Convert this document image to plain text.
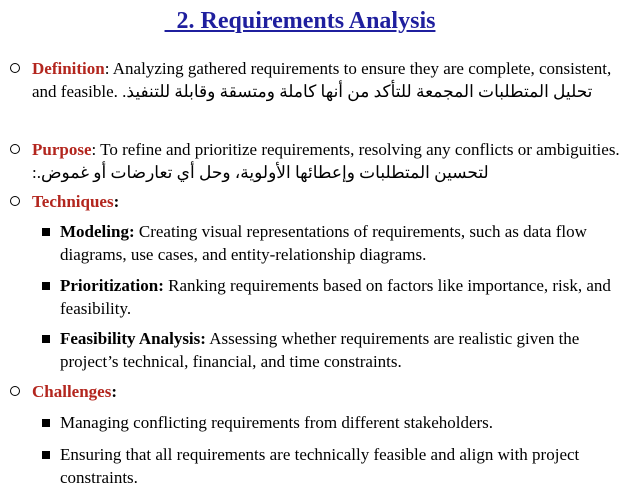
2. Requirements Analysis
Definition: Analyzing gathered requirements to ensure they are complete, consistent, and feasible. تحليل المتطلبات المجمعة للتأكد من أنها كاملة ومتسقة وقابلة للتنفيذ.
Purpose: To refine and prioritize requirements, resolving any conflicts or ambiguities. :لتحسين المتطلبات وإعطائها الأولوية، وحل أي تعارضات أو غموض.
Techniques:
Modeling: Creating visual representations of requirements, such as data flow diagrams, use cases, and entity-relationship diagrams.
Prioritization: Ranking requirements based on factors like importance, risk, and feasibility.
Feasibility Analysis: Assessing whether requirements are realistic given the project’s technical, financial, and time constraints.
Challenges:
Managing conflicting requirements from different stakeholders.
Ensuring that all requirements are technically feasible and align with project constraints.
